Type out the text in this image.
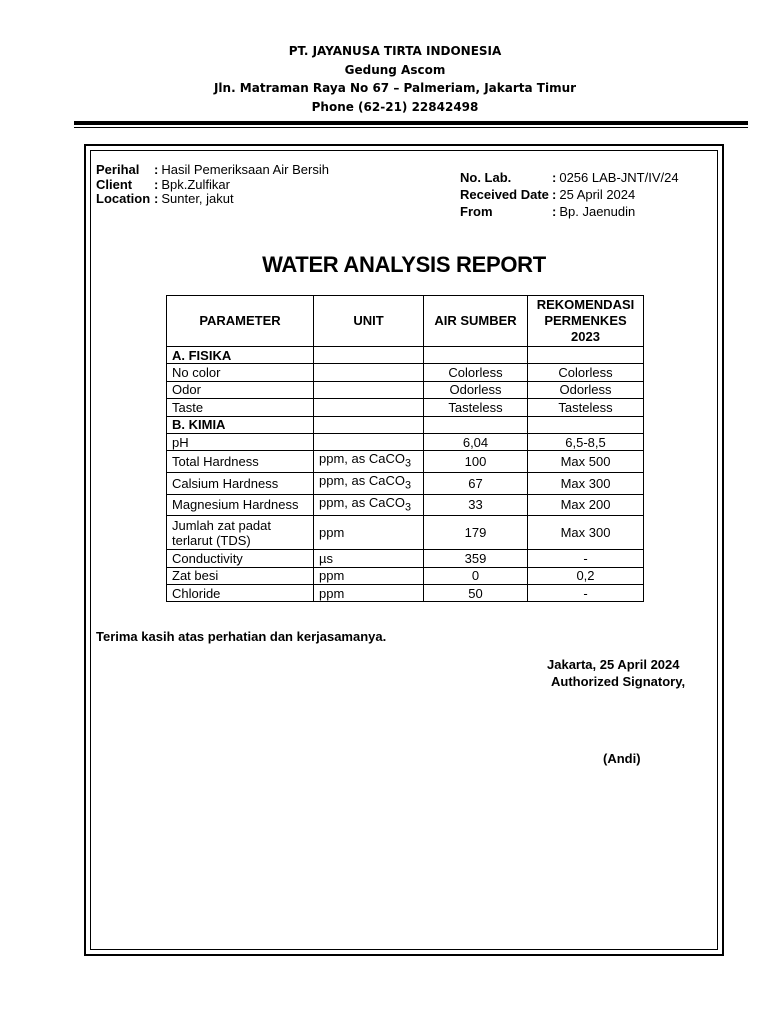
PT. JAYANUSA TIRTA INDONESIA
Gedung Ascom
Jln. Matraman Raya No 67 – Palmeriam, Jakarta Timur
Phone (62-21) 22842498
Perihal	: Hasil Pemeriksaan Air Bersih
Client	: Bpk.Zulfikar
Location : Sunter, jakut
No. Lab.	: 0256 LAB-JNT/IV/24
Received Date : 25 April 2024
From	: Bp. Jaenudin
WATER ANALYSIS REPORT
PARAMETER	UNIT	AIR SUMBER	REKOMENDASI
PERMENKES
2023

A. FISIKA			
No color		Colorless	Colorless
Odor		Odorless	Odorless
Taste		Tasteless	Tasteless
B. KIMIA			
pH		6,04	6,5-8,5
Total Hardness	ppm, as CaCO$_3$	100	Max 500
Calsium Hardness	ppm, as CaCO$_3$	67	Max 300
Magnesium Hardness	ppm, as CaCO$_3$	33	Max 200
Jumlah zat padat terlarut (TDS)	ppm	179	Max 300
Conductivity	µs	359	-
Zat besi	ppm	0	0,2
Chloride	ppm	50	-
Terima kasih atas perhatian dan kerjasamanya.
Jakarta, 25 April 2024
Authorized Signatory,
(Andi)
